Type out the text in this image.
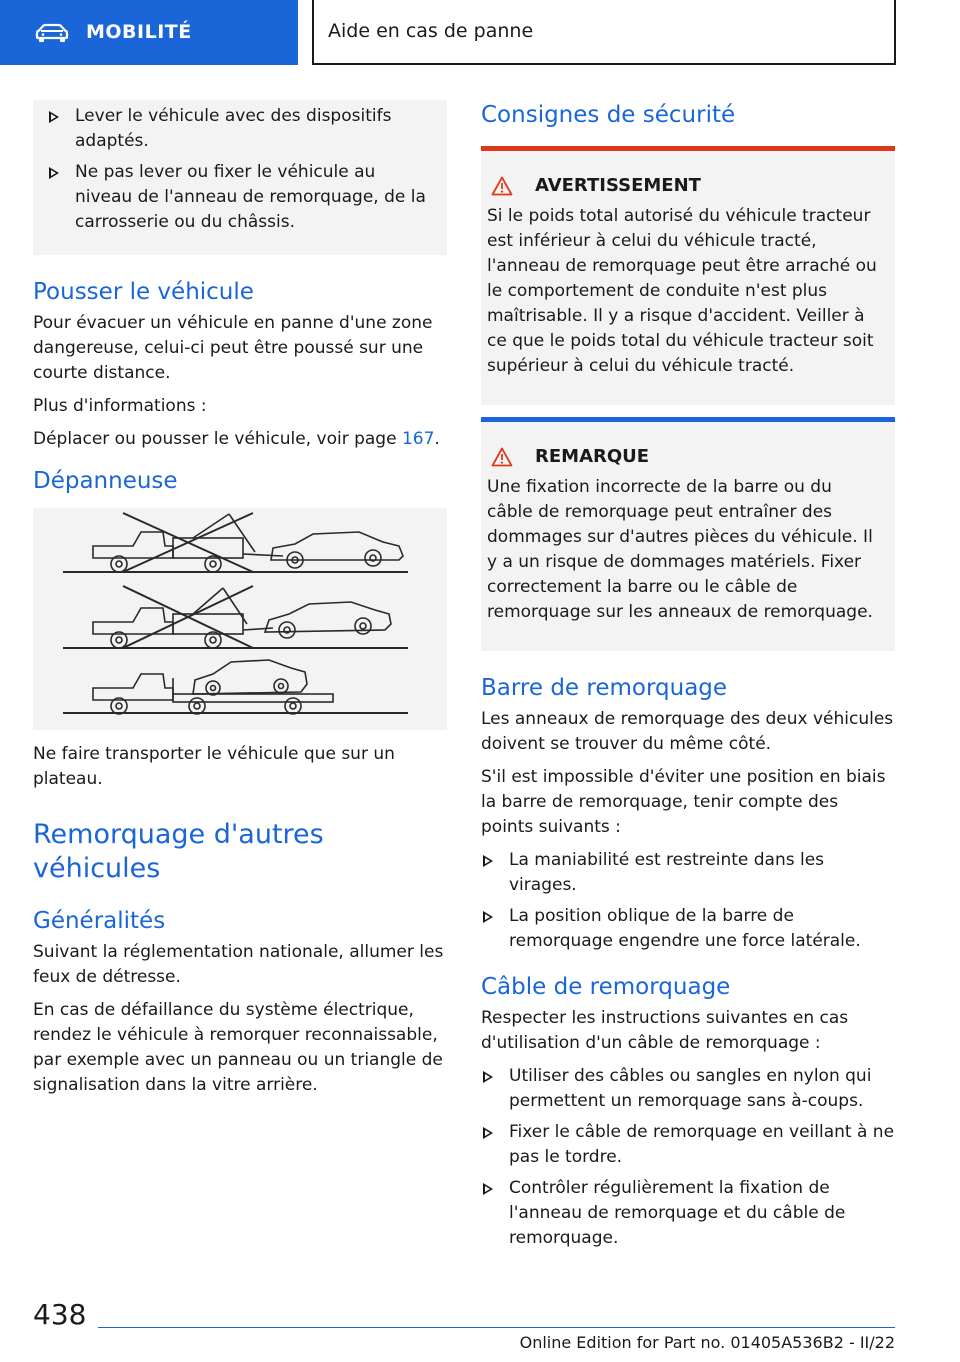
MOBILITÉ	Aide en cas de panne
Lever le véhicule avec des dispositifs adaptés.
Ne pas lever ou fixer le véhicule au niveau de l'anneau de remorquage, de la carrosserie ou du châssis.
Pousser le véhicule

Pour évacuer un véhicule en panne d'une zone dangereuse, celui-ci peut être poussé sur une courte distance.

Plus d'informations :

Déplacer ou pousser le véhicule, voir page 167.

Dépanneuse

Ne faire transporter le véhicule que sur un plateau.

Remorquage d'autres véhicules
Généralités

Suivant la réglementation nationale, allumer les feux de détresse.

En cas de défaillance du système électrique, rendez le véhicule à remorquer reconnaissable, par exemple avec un panneau ou un triangle de signalisation dans la vitre arrière.

Consignes de sécurité
AVERTISSEMENT

Si le poids total autorisé du véhicule tracteur est inférieur à celui du véhicule tracté, l'anneau de remorquage peut être arraché ou le comportement de conduite n'est plus maîtrisable. Il y a risque d'accident. Veiller à ce que le poids total du véhicule tracteur soit supérieur à celui du véhicule tracté.

REMARQUE

Une fixation incorrecte de la barre ou du câble de remorquage peut entraîner des dommages sur d'autres pièces du véhicule. Il y a un risque de dommages matériels. Fixer correctement la barre ou le câble de remorquage sur les anneaux de remorquage.

Barre de remorquage

Les anneaux de remorquage des deux véhicules doivent se trouver du même côté.

S'il est impossible d'éviter une position en biais la barre de remorquage, tenir compte des points suivants :

La maniabilité est restreinte dans les virages.
La position oblique de la barre de remorquage engendre une force latérale.
Câble de remorquage

Respecter les instructions suivantes en cas d'utilisation d'un câble de remorquage :

Utiliser des câbles ou sangles en nylon qui permettent un remorquage sans à-coups.
Fixer le câble de remorquage en veillant à ne pas le tordre.
Contrôler régulièrement la fixation de l'anneau de remorquage et du câble de remorquage.
438
Online Edition for Part no. 01405A536B2 - II/22
